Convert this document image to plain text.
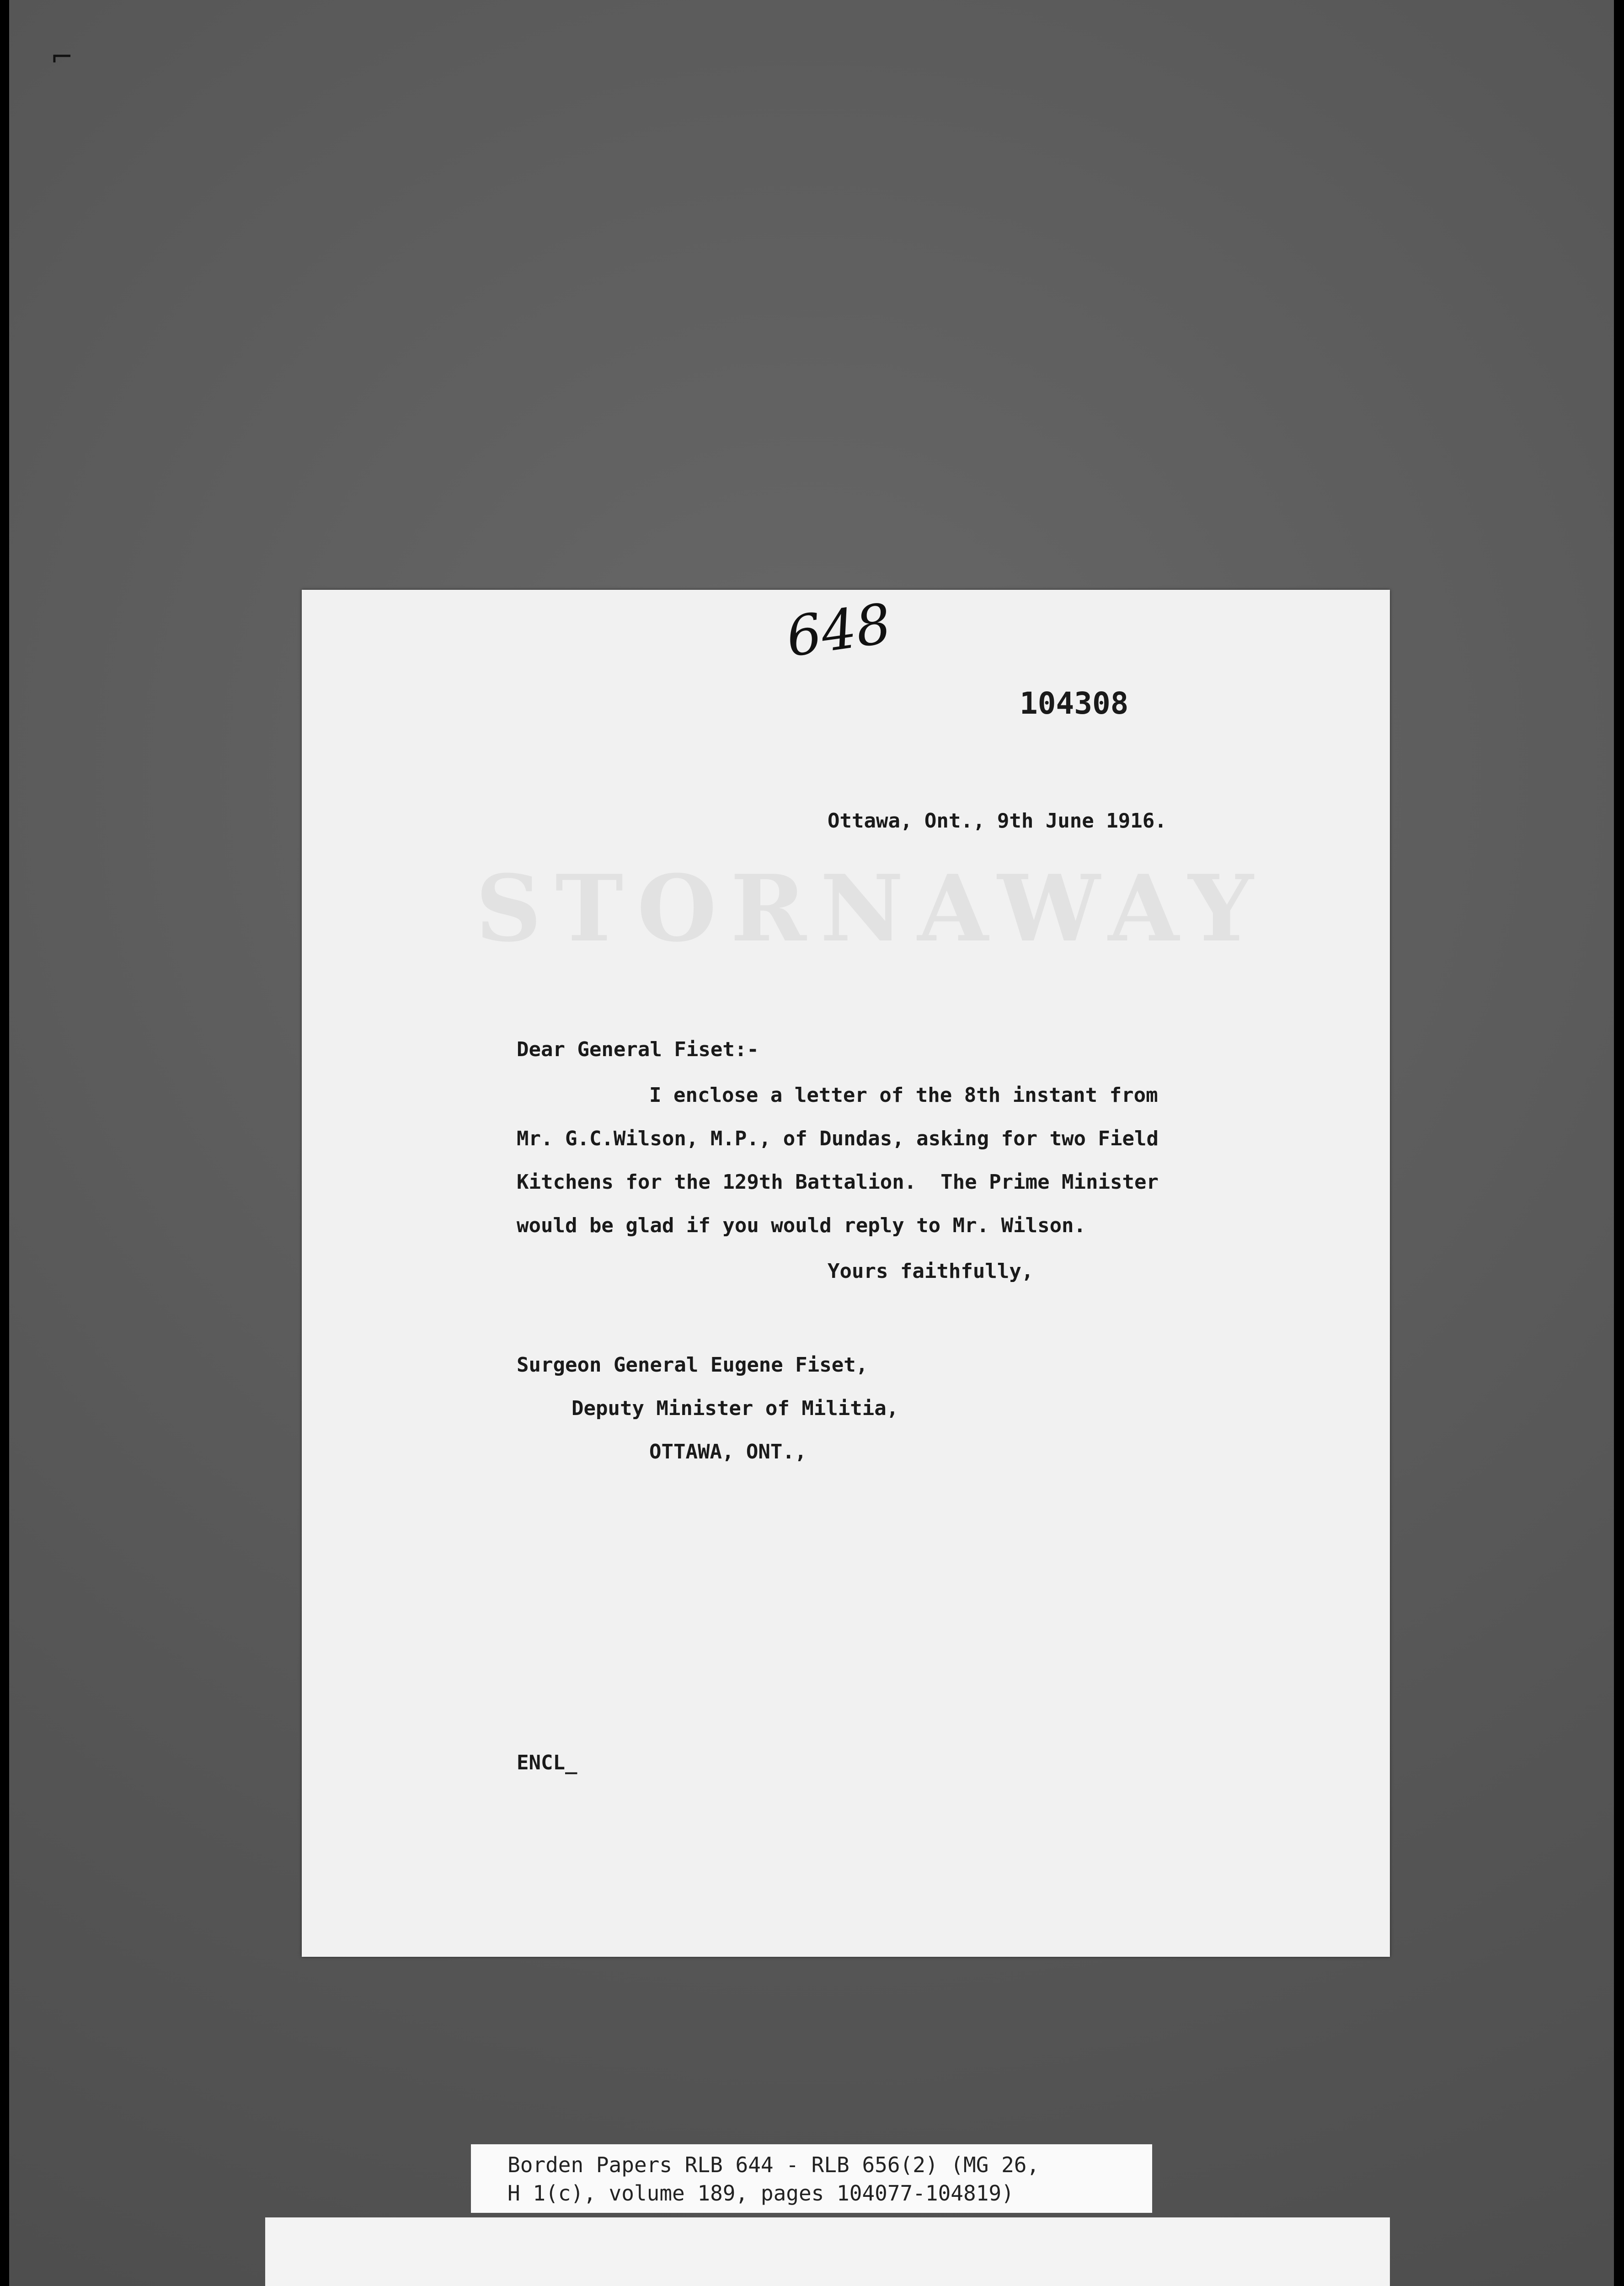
⌐
648
104308
STORNAWAY
Ottawa, Ont., 9th June 1916.
Dear General Fiset:-
I enclose a letter of the 8th instant from
Mr. G.C.Wilson, M.P., of Dundas, asking for two Field
Kitchens for the 129th Battalion.  The Prime Minister
would be glad if you would reply to Mr. Wilson.
Yours faithfully,
Surgeon General Eugene Fiset,
Deputy Minister of Militia,
OTTAWA, ONT.,
ENCL_
Borden Papers RLB 644 - RLB 656(2) (MG 26,
H 1(c), volume 189, pages 104077-104819)
